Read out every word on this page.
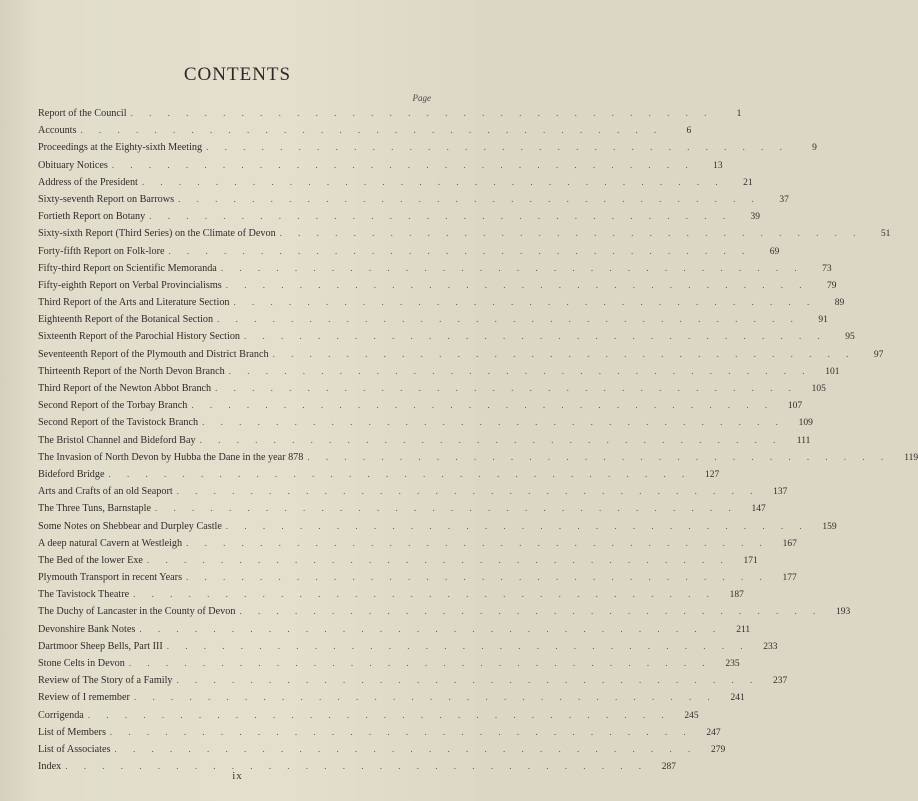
CONTENTS
Page
Report of the Council . . . . . . . . . . . . . . . . . . . . . . . . . . . . . . . .	1
Accounts . . . . . . . . . . . . . . . . . . . . . . . . . . . . . . . .	6
Proceedings at the Eighty-sixth Meeting . . . . . . . . . . . . . . . . . . . . . . . . . . . . . . . .	9
Obituary Notices . . . . . . . . . . . . . . . . . . . . . . . . . . . . . . . .	13
Address of the President . . . . . . . . . . . . . . . . . . . . . . . . . . . . . . . .	21
Sixty-seventh Report on Barrows . . . . . . . . . . . . . . . . . . . . . . . . . . . . . . . .	37
Fortieth Report on Botany . . . . . . . . . . . . . . . . . . . . . . . . . . . . . . . .	39
Sixty-sixth Report (Third Series) on the Climate of Devon . . . . . . . . . . . . . . . . . . . . . . . . . . . . . . . .	51
Forty-fifth Report on Folk-lore . . . . . . . . . . . . . . . . . . . . . . . . . . . . . . . .	69
Fifty-third Report on Scientific Memoranda . . . . . . . . . . . . . . . . . . . . . . . . . . . . . . . .	73
Fifty-eighth Report on Verbal Provincialisms . . . . . . . . . . . . . . . . . . . . . . . . . . . . . . . .	79
Third Report of the Arts and Literature Section . . . . . . . . . . . . . . . . . . . . . . . . . . . . . . . .	89
Eighteenth Report of the Botanical Section . . . . . . . . . . . . . . . . . . . . . . . . . . . . . . . .	91
Sixteenth Report of the Parochial History Section . . . . . . . . . . . . . . . . . . . . . . . . . . . . . . . .	95
Seventeenth Report of the Plymouth and District Branch . . . . . . . . . . . . . . . . . . . . . . . . . . . . . . . .	97
Thirteenth Report of the North Devon Branch . . . . . . . . . . . . . . . . . . . . . . . . . . . . . . . .	101
Third Report of the Newton Abbot Branch . . . . . . . . . . . . . . . . . . . . . . . . . . . . . . . .	105
Second Report of the Torbay Branch . . . . . . . . . . . . . . . . . . . . . . . . . . . . . . . .	107
Second Report of the Tavistock Branch . . . . . . . . . . . . . . . . . . . . . . . . . . . . . . . .	109
The Bristol Channel and Bideford Bay . . . . . . . . . . . . . . . . . . . . . . . . . . . . . . . .	111
The Invasion of North Devon by Hubba the Dane in the year 878 . . . . . . . . . . . . . . . . . . . . . . . . . . . . . . . .	119
Bideford Bridge . . . . . . . . . . . . . . . . . . . . . . . . . . . . . . . .	127
Arts and Crafts of an old Seaport . . . . . . . . . . . . . . . . . . . . . . . . . . . . . . . .	137
The Three Tuns, Barnstaple . . . . . . . . . . . . . . . . . . . . . . . . . . . . . . . .	147
Some Notes on Shebbear and Durpley Castle . . . . . . . . . . . . . . . . . . . . . . . . . . . . . . . .	159
A deep natural Cavern at Westleigh . . . . . . . . . . . . . . . . . . . . . . . . . . . . . . . .	167
The Bed of the lower Exe . . . . . . . . . . . . . . . . . . . . . . . . . . . . . . . .	171
Plymouth Transport in recent Years . . . . . . . . . . . . . . . . . . . . . . . . . . . . . . . .	177
The Tavistock Theatre . . . . . . . . . . . . . . . . . . . . . . . . . . . . . . . .	187
The Duchy of Lancaster in the County of Devon . . . . . . . . . . . . . . . . . . . . . . . . . . . . . . . .	193
Devonshire Bank Notes . . . . . . . . . . . . . . . . . . . . . . . . . . . . . . . .	211
Dartmoor Sheep Bells, Part III . . . . . . . . . . . . . . . . . . . . . . . . . . . . . . . .	233
Stone Celts in Devon . . . . . . . . . . . . . . . . . . . . . . . . . . . . . . . .	235
Review of The Story of a Family . . . . . . . . . . . . . . . . . . . . . . . . . . . . . . . .	237
Review of I remember . . . . . . . . . . . . . . . . . . . . . . . . . . . . . . . .	241
Corrigenda . . . . . . . . . . . . . . . . . . . . . . . . . . . . . . . .	245
List of Members . . . . . . . . . . . . . . . . . . . . . . . . . . . . . . . .	247
List of Associates . . . . . . . . . . . . . . . . . . . . . . . . . . . . . . . .	279
Index . . . . . . . . . . . . . . . . . . . . . . . . . . . . . . . .	287
ix
